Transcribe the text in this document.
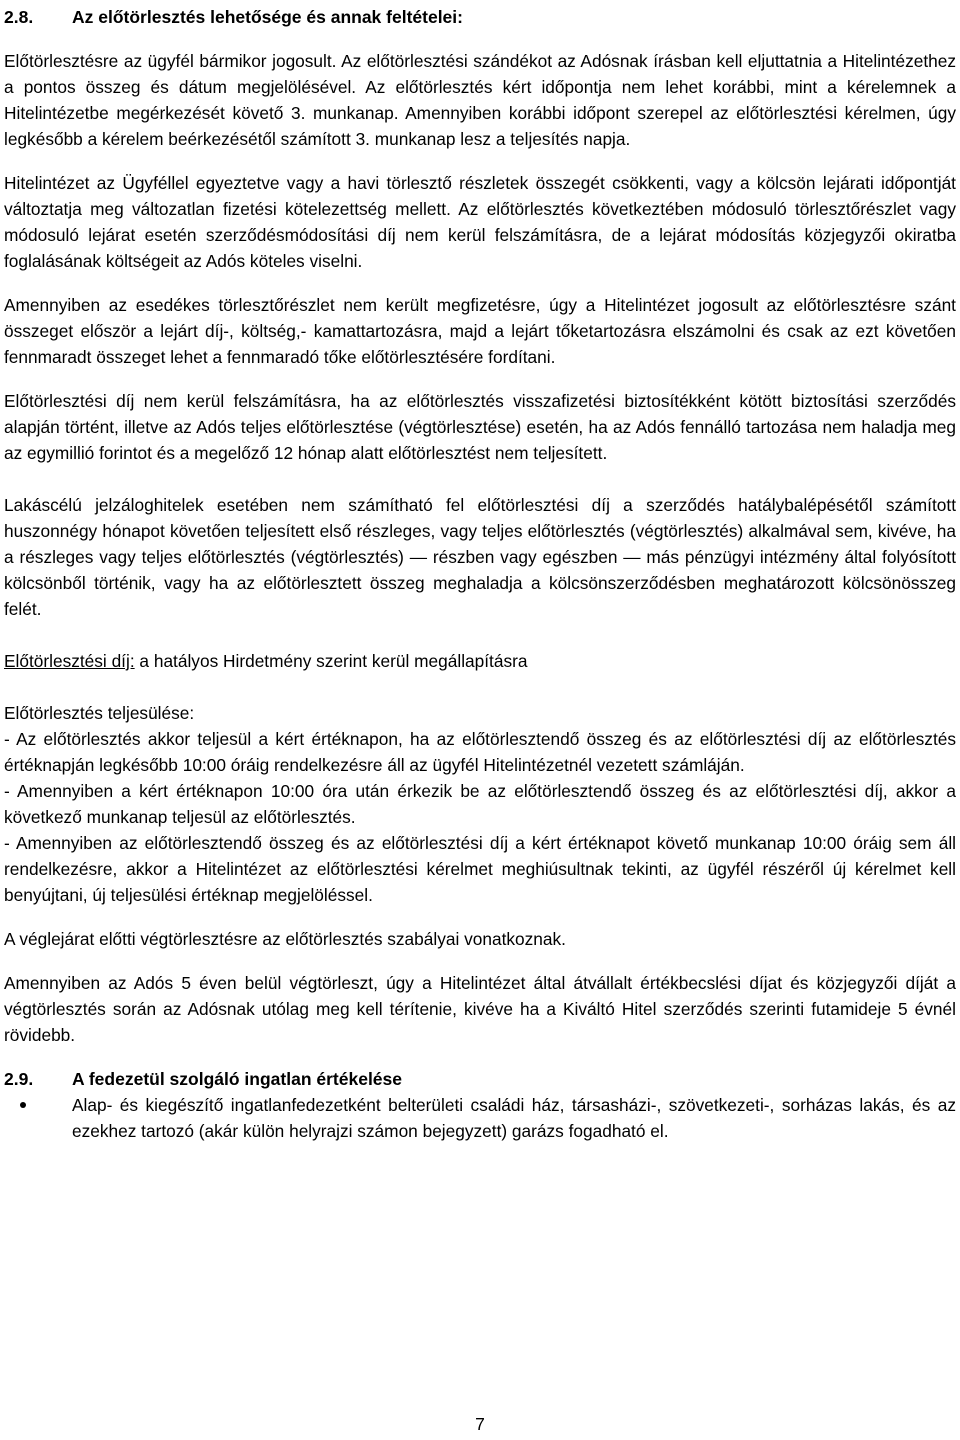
2.8.	Az előtörlesztés lehetősége és annak feltételei:

Előtörlesztésre az ügyfél bármikor jogosult. Az előtörlesztési szándékot az Adósnak írásban kell eljuttatnia a Hitelintézethez a pontos összeg és dátum megjelölésével. Az előtörlesztés kért időpontja nem lehet korábbi, mint a kérelemnek a Hitelintézetbe megérkezését követő 3. munkanap. Amennyiben korábbi időpont szerepel az előtörlesztési kérelmen, úgy legkésőbb a kérelem beérkezésétől számított 3. munkanap lesz a teljesítés napja.

Hitelintézet az Ügyféllel egyeztetve vagy a havi törlesztő részletek összegét csökkenti, vagy a kölcsön lejárati időpontját változtatja meg változatlan fizetési kötelezettség mellett. Az előtörlesztés következtében módosuló törlesztőrészlet vagy módosuló lejárat esetén szerződésmódosítási díj nem kerül felszámításra, de a lejárat módosítás közjegyzői okiratba foglalásának költségeit az Adós köteles viselni.

Amennyiben az esedékes törlesztőrészlet nem került megfizetésre, úgy a Hitelintézet jogosult az előtörlesztésre szánt összeget először a lejárt díj-, költség,- kamattartozásra, majd a lejárt tőketartozásra elszámolni és csak az ezt követően fennmaradt összeget lehet a fennmaradó tőke előtörlesztésére fordítani.

Előtörlesztési díj nem kerül felszámításra, ha az előtörlesztés visszafizetési biztosítékként kötött biztosítási szerződés alapján történt, illetve az Adós teljes előtörlesztése (végtörlesztése) esetén, ha az Adós fennálló tartozása nem haladja meg az egymillió forintot és a megelőző 12 hónap alatt előtörlesztést nem teljesített.

Lakáscélú jelzáloghitelek esetében nem számítható fel előtörlesztési díj a szerződés hatálybalépésétől számított huszonnégy hónapot követően teljesített első részleges, vagy teljes előtörlesztés (végtörlesztés) alkalmával sem, kivéve, ha a részleges vagy teljes előtörlesztés (végtörlesztés) — részben vagy egészben — más pénzügyi intézmény által folyósított kölcsönből történik, vagy ha az előtörlesztett összeg meghaladja a kölcsönszerződésben meghatározott kölcsönösszeg felét.

Előtörlesztési díj: a hatályos Hirdetmény szerint kerül megállapításra

Előtörlesztés teljesülése:

- Az előtörlesztés akkor teljesül a kért értéknapon, ha az előtörlesztendő összeg és az előtörlesztési díj az előtörlesztés értéknapján legkésőbb 10:00 óráig rendelkezésre áll az ügyfél Hitelintézetnél vezetett számláján.

- Amennyiben a kért értéknapon 10:00 óra után érkezik be az előtörlesztendő összeg és az előtörlesztési díj, akkor a következő munkanap teljesül az előtörlesztés.

- Amennyiben az előtörlesztendő összeg és az előtörlesztési díj a kért értéknapot követő munkanap 10:00 óráig sem áll rendelkezésre, akkor a Hitelintézet az előtörlesztési kérelmet meghiúsultnak tekinti, az ügyfél részéről új kérelmet kell benyújtani, új teljesülési értéknap megjelöléssel.

A véglejárat előtti végtörlesztésre az előtörlesztés szabályai vonatkoznak.

Amennyiben az Adós 5 éven belül végtörleszt, úgy a Hitelintézet által átvállalt értékbecslési díjat és közjegyzői díját a végtörlesztés során az Adósnak utólag meg kell térítenie, kivéve ha a Kiváltó Hitel szerződés szerinti futamideje 5 évnél rövidebb.

2.9.	A fedezetül szolgáló ingatlan értékelése
Alap- és kiegészítő ingatlanfedezetként belterületi családi ház, társasházi-, szövetkezeti-, sorházas lakás, és az ezekhez tartozó (akár külön helyrajzi számon bejegyzett) garázs fogadható el.
7
